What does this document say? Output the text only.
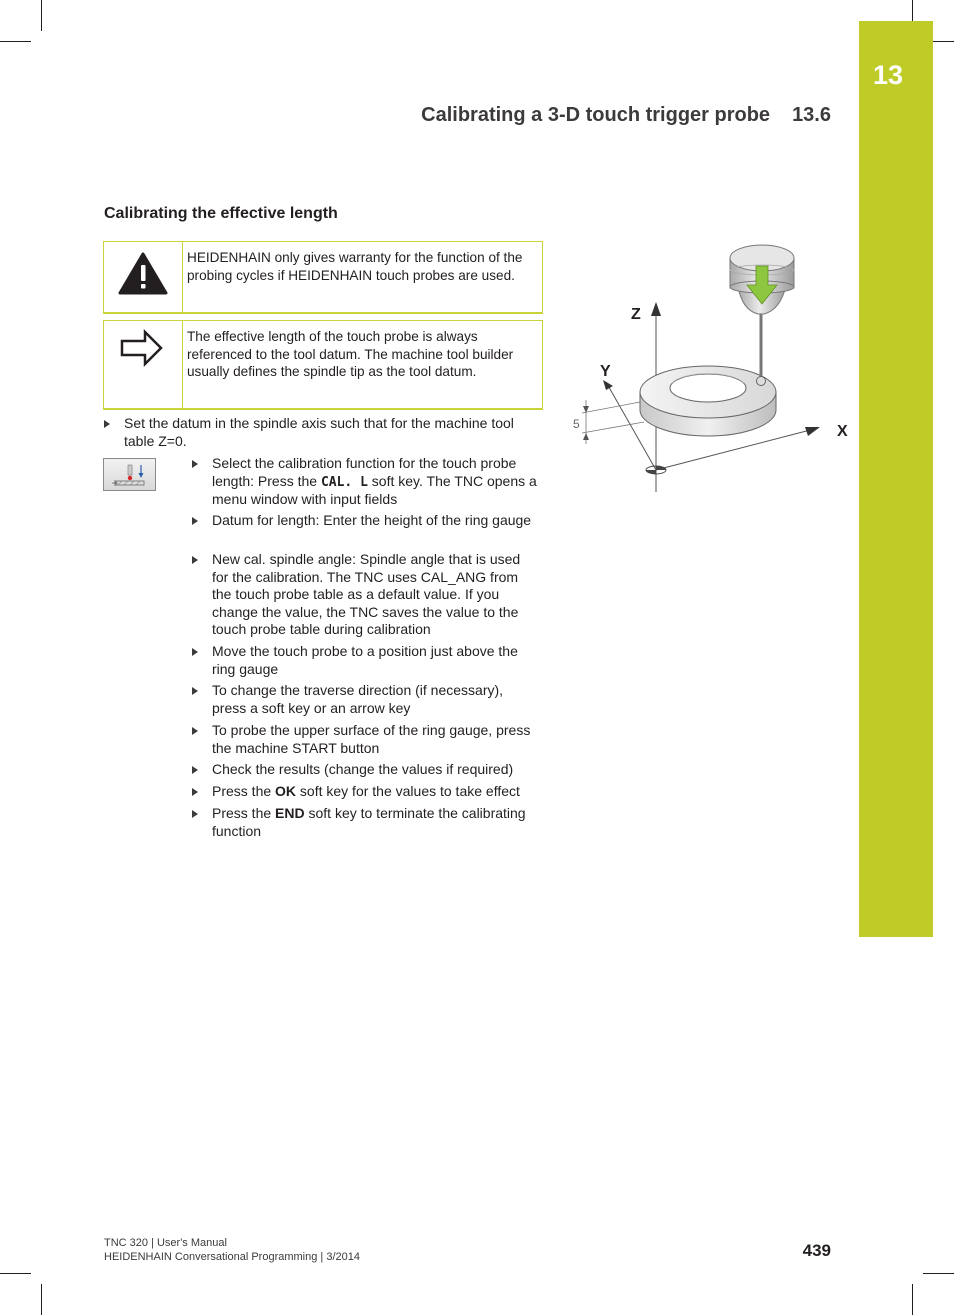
13
Calibrating a 3-D touch trigger probe 13.6
Calibrating the effective length
HEIDENHAIN only gives warranty for the function of the probing cycles if HEIDENHAIN touch probes are used.
The effective length of the touch probe is always referenced to the tool datum. The machine tool builder usually defines the spindle tip as the tool datum.
Set the datum in the spindle axis such that for the machine tool table Z=0.
Select the calibration function for the touch probe length: Press the CAL. L soft key. The TNC opens a menu window with input fields
Datum for length: Enter the height of the ring gauge
New cal. spindle angle: Spindle angle that is used for the calibration. The TNC uses CAL_ANG from the touch probe table as a default value. If you change the value, the TNC saves the value to the touch probe table during calibration
Move the touch probe to a position just above the ring gauge
To change the traverse direction (if necessary), press a soft key or an arrow key
To probe the upper surface of the ring gauge, press the machine START button
Check the results (change the values if required)
Press the OK soft key for the values to take effect
Press the END soft key to terminate the calibrating function
5
Z
Y
X
TNC 320 | User's Manual
HEIDENHAIN Conversational Programming | 3/2014	439
